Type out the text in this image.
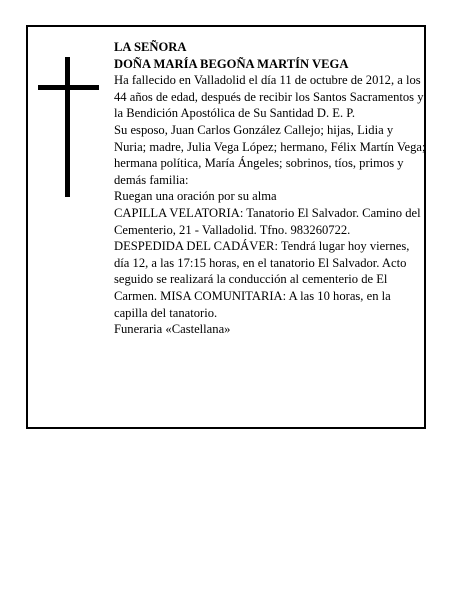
LA SEÑORA

DOÑA MARÍA BEGOÑA MARTÍN VEGA

Ha fallecido en Valladolid el día 11 de octubre de 2012, a los 44 años de edad, después de recibir los Santos Sacramentos y la Bendición Apostólica de Su Santidad D. E. P.

Su esposo, Juan Carlos González Callejo; hijas, Lidia y Nuria; madre, Julia Vega López; hermano, Félix Martín Vega; hermana política, María Ángeles; sobrinos, tíos, primos y demás familia:

Ruegan una oración por su alma

CAPILLA VELATORIA: Tanatorio El Salvador. Camino del Cementerio, 21 - Valladolid. Tfno. 983260722.

DESPEDIDA DEL CADÁVER: Tendrá lugar hoy viernes, día 12, a las 17:15 horas, en el tanatorio El Salvador. Acto seguido se realizará la conducción al cementerio de El Carmen. MISA COMUNITARIA: A las 10 horas, en la capilla del tanatorio.

Funeraria «Castellana»
